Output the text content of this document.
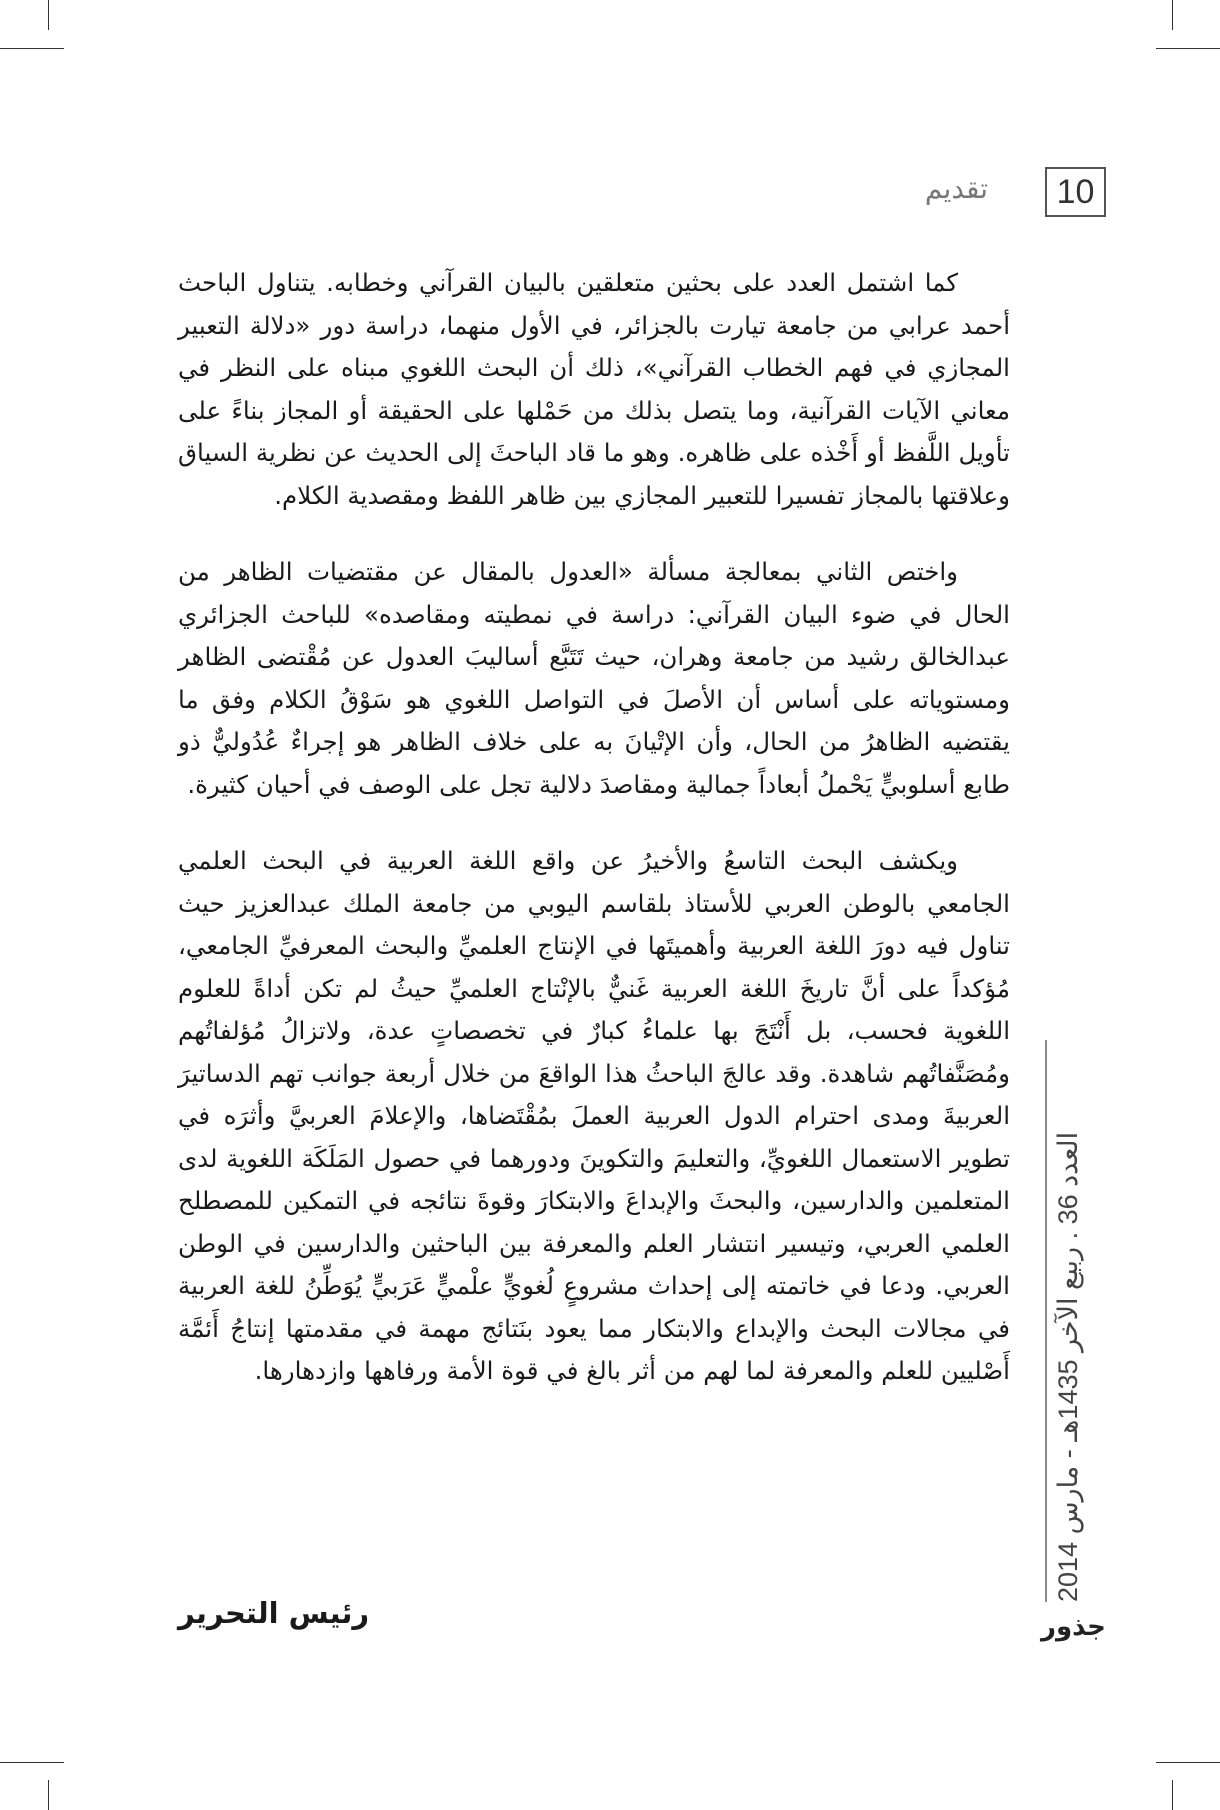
10
تقديم

كما اشتمل العدد على بحثين متعلقين بالبيان القرآني وخطابه. يتناول الباحث أحمد عرابي من جامعة تيارت بالجزائر، في الأول منهما، دراسة دور «دلالة التعبير المجازي في فهم الخطاب القرآني»، ذلك أن البحث اللغوي مبناه على النظر في معاني الآيات القرآنية، وما يتصل بذلك من حَمْلها على الحقيقة أو المجاز بناءً على تأويل اللَّفظ أو أَخْذه على ظاهره. وهو ما قاد الباحثَ إلى الحديث عن نظرية السياق وعلاقتها بالمجاز تفسيرا للتعبير المجازي بين ظاهر اللفظ ومقصدية الكلام.

واختص الثاني بمعالجة مسألة «العدول بالمقال عن مقتضيات الظاهر من الحال في ضوء البيان القرآني: دراسة في نمطيته ومقاصده» للباحث الجزائري عبدالخالق رشيد من جامعة وهران، حيث تَتَبَّع أساليبَ العدول عن مُقْتضى الظاهر ومستوياته على أساس أن الأصلَ في التواصل اللغوي هو سَوْقُ الكلام وفق ما يقتضيه الظاهرُ من الحال، وأن الإتْيانَ به على خلاف الظاهر هو إجراءٌ عُدُوليٌّ ذو طابع أسلوبيٍّ يَحْملُ أبعاداً جمالية ومقاصدَ دلالية تجل على الوصف في أحيان كثيرة.

ويكشف البحث التاسعُ والأخيرُ عن واقع اللغة العربية في البحث العلمي الجامعي بالوطن العربي للأستاذ بلقاسم اليوبي من جامعة الملك عبدالعزيز حيث تناول فيه دورَ اللغة العربية وأهميتَها في الإنتاج العلميِّ والبحث المعرفيِّ الجامعي، مُؤكداً على أنَّ تاريخَ اللغة العربية غَنيٌّ بالإنْتاج العلميِّ حيثُ لم تكن أداةً للعلوم اللغوية فحسب، بل أَنْتَجَ بها علماءُ كبارٌ في تخصصاتٍ عدة، ولاتزالُ مُؤلفاتُهم ومُصَنَّفاتُهم شاهدة. وقد عالجَ الباحثُ هذا الواقعَ من خلال أربعة جوانب تهم الدساتيرَ العربيةَ ومدى احترام الدول العربية العملَ بمُقْتَضاها، والإعلامَ العربيَّ وأثرَه في تطوير الاستعمال اللغويِّ، والتعليمَ والتكوينَ ودورهما في حصول المَلَكَة اللغوية لدى المتعلمين والدارسين، والبحثَ والإبداعَ والابتكارَ وقوةَ نتائجه في التمكين للمصطلح العلمي العربي، وتيسير انتشار العلم والمعرفة بين الباحثين والدارسين في الوطن العربي. ودعا في خاتمته إلى إحداث مشروعٍ لُغويٍّ علْميٍّ عَرَبيٍّ يُوَطِّنُ للغة العربية في مجالات البحث والإبداع والابتكار مما يعود بنَتائج مهمة في مقدمتها إنتاجُ أَئمَّة أَصْليين للعلم والمعرفة لما لهم من أثر بالغ في قوة الأمة ورفاهها وازدهارها.

رئيس التحرير
العدد 36 . ربيع الآخر 1435هـ - مارس 2014
جذور
